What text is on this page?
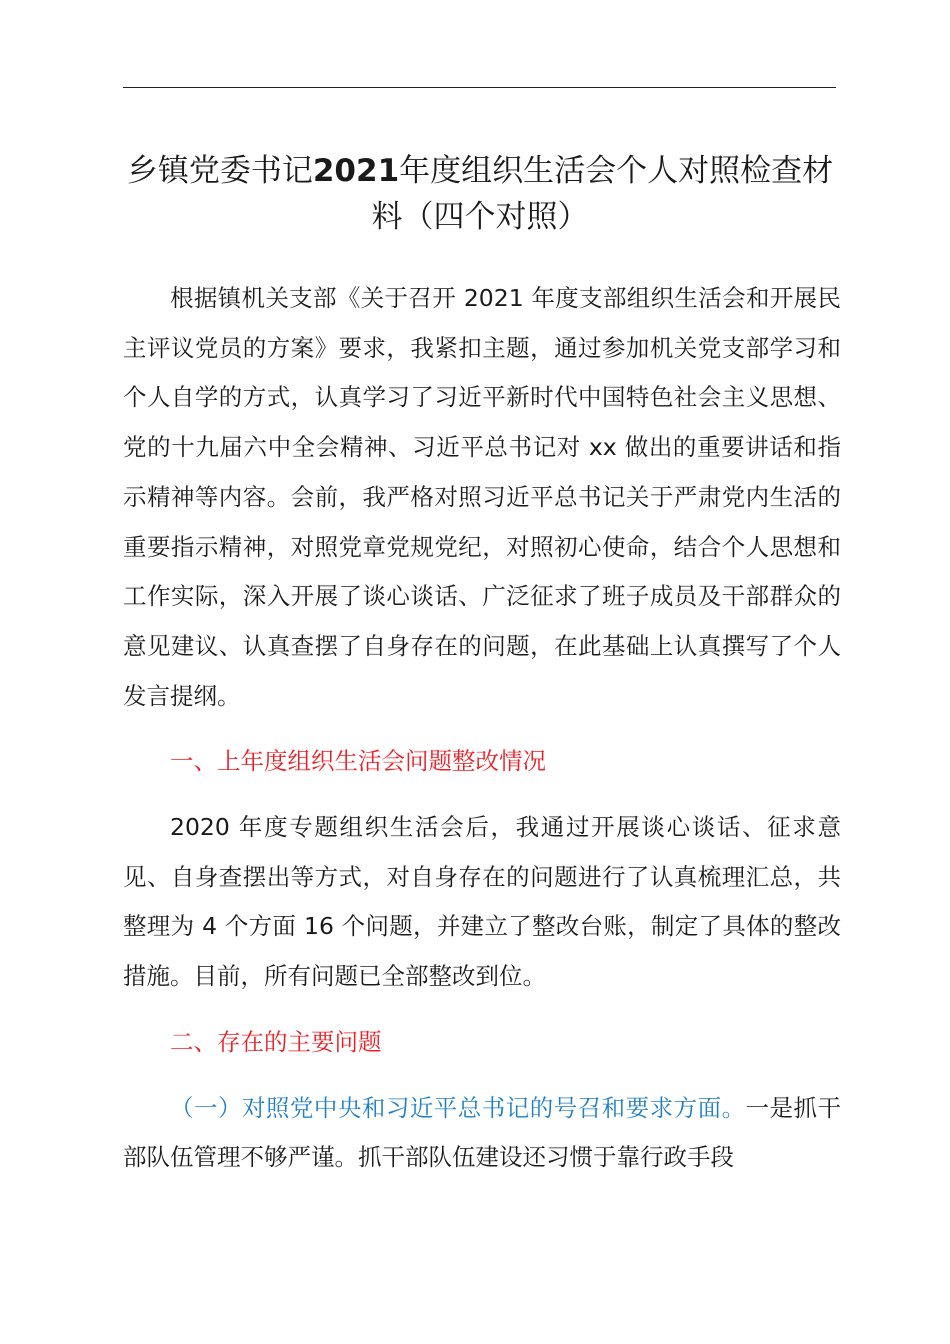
乡镇党委书记2021年度组织生活会个人对照检查材料（四个对照）

根据镇机关支部《关于召开 2021 年度支部组织生活会和开展民主评议党员的方案》要求，我紧扣主题，通过参加机关党支部学习和个人自学的方式，认真学习了习近平新时代中国特色社会主义思想、党的十九届六中全会精神、习近平总书记对 xx 做出的重要讲话和指示精神等内容。会前，我严格对照习近平总书记关于严肃党内生活的重要指示精神，对照党章党规党纪，对照初心使命，结合个人思想和工作实际，深入开展了谈心谈话、广泛征求了班子成员及干部群众的意见建议、认真查摆了自身存在的问题，在此基础上认真撰写了个人发言提纲。

一、上年度组织生活会问题整改情况

2020 年度专题组织生活会后，我通过开展谈心谈话、征求意见、自身查摆出等方式，对自身存在的问题进行了认真梳理汇总，共整理为 4 个方面 16 个问题，并建立了整改台账，制定了具体的整改措施。目前，所有问题已全部整改到位。

二、存在的主要问题

（一）对照党中央和习近平总书记的号召和要求方面。一是抓干部队伍管理不够严谨。抓干部队伍建设还习惯于靠行政手段
